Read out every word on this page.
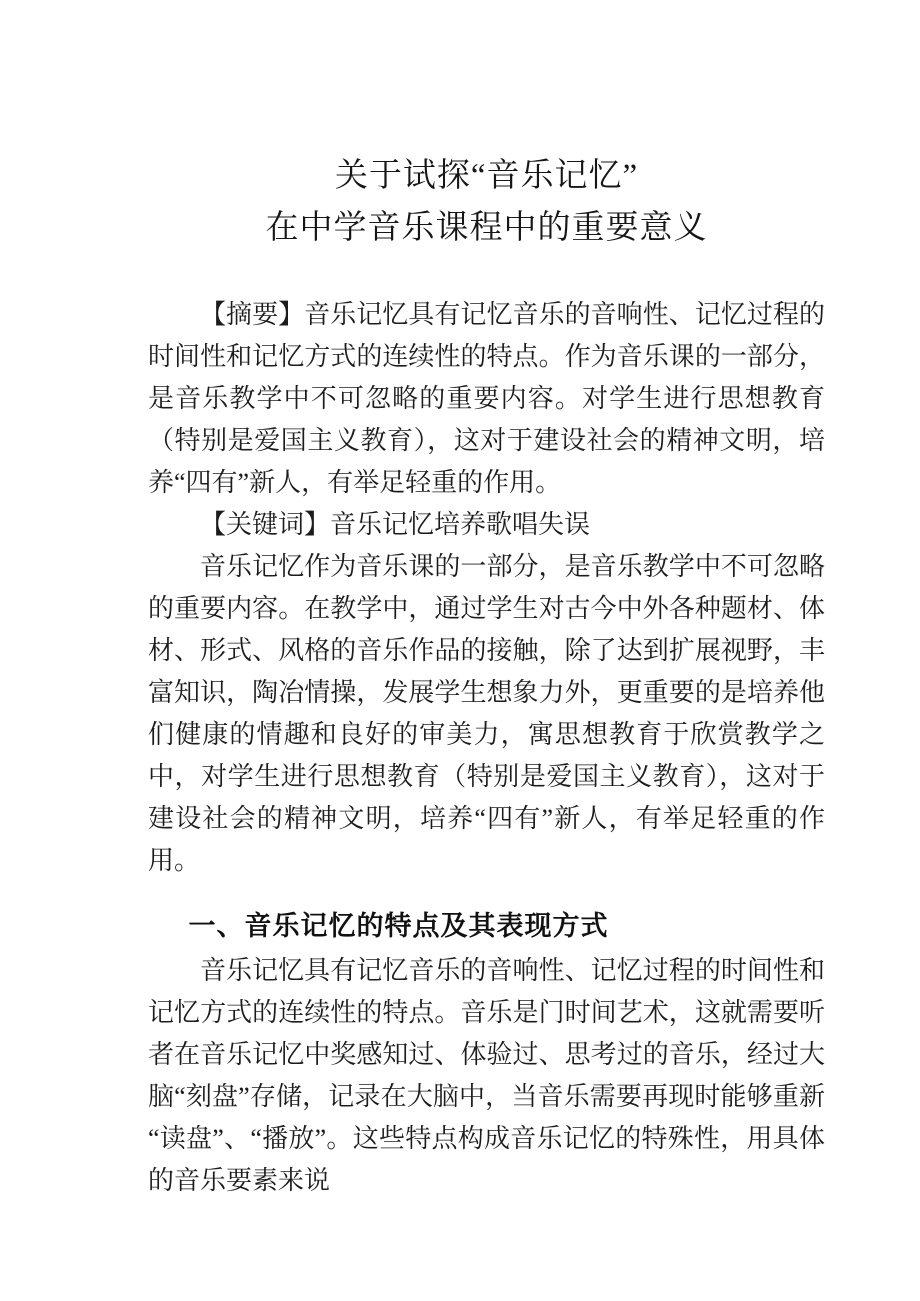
关于试探“音乐记忆”
在中学音乐课程中的重要意义

【摘要】音乐记忆具有记忆音乐的音响性、记忆过程的时间性和记忆方式的连续性的特点。作为音乐课的一部分，是音乐教学中不可忽略的重要内容。对学生进行思想教育（特别是爱国主义教育），这对于建设社会的精神文明，培养“四有”新人，有举足轻重的作用。

【关键词】音乐记忆培养歌唱失误

音乐记忆作为音乐课的一部分，是音乐教学中不可忽略的重要内容。在教学中，通过学生对古今中外各种题材、体材、形式、风格的音乐作品的接触，除了达到扩展视野，丰富知识，陶冶情操，发展学生想象力外，更重要的是培养他们健康的情趣和良好的审美力，寓思想教育于欣赏教学之中，对学生进行思想教育（特别是爱国主义教育），这对于建设社会的精神文明，培养“四有”新人，有举足轻重的作用。

一、音乐记忆的特点及其表现方式

音乐记忆具有记忆音乐的音响性、记忆过程的时间性和记忆方式的连续性的特点。音乐是门时间艺术，这就需要听者在音乐记忆中奖感知过、体验过、思考过的音乐，经过大脑“刻盘”存储，记录在大脑中，当音乐需要再现时能够重新“读盘”、“播放”。这些特点构成音乐记忆的特殊性，用具体的音乐要素来说
